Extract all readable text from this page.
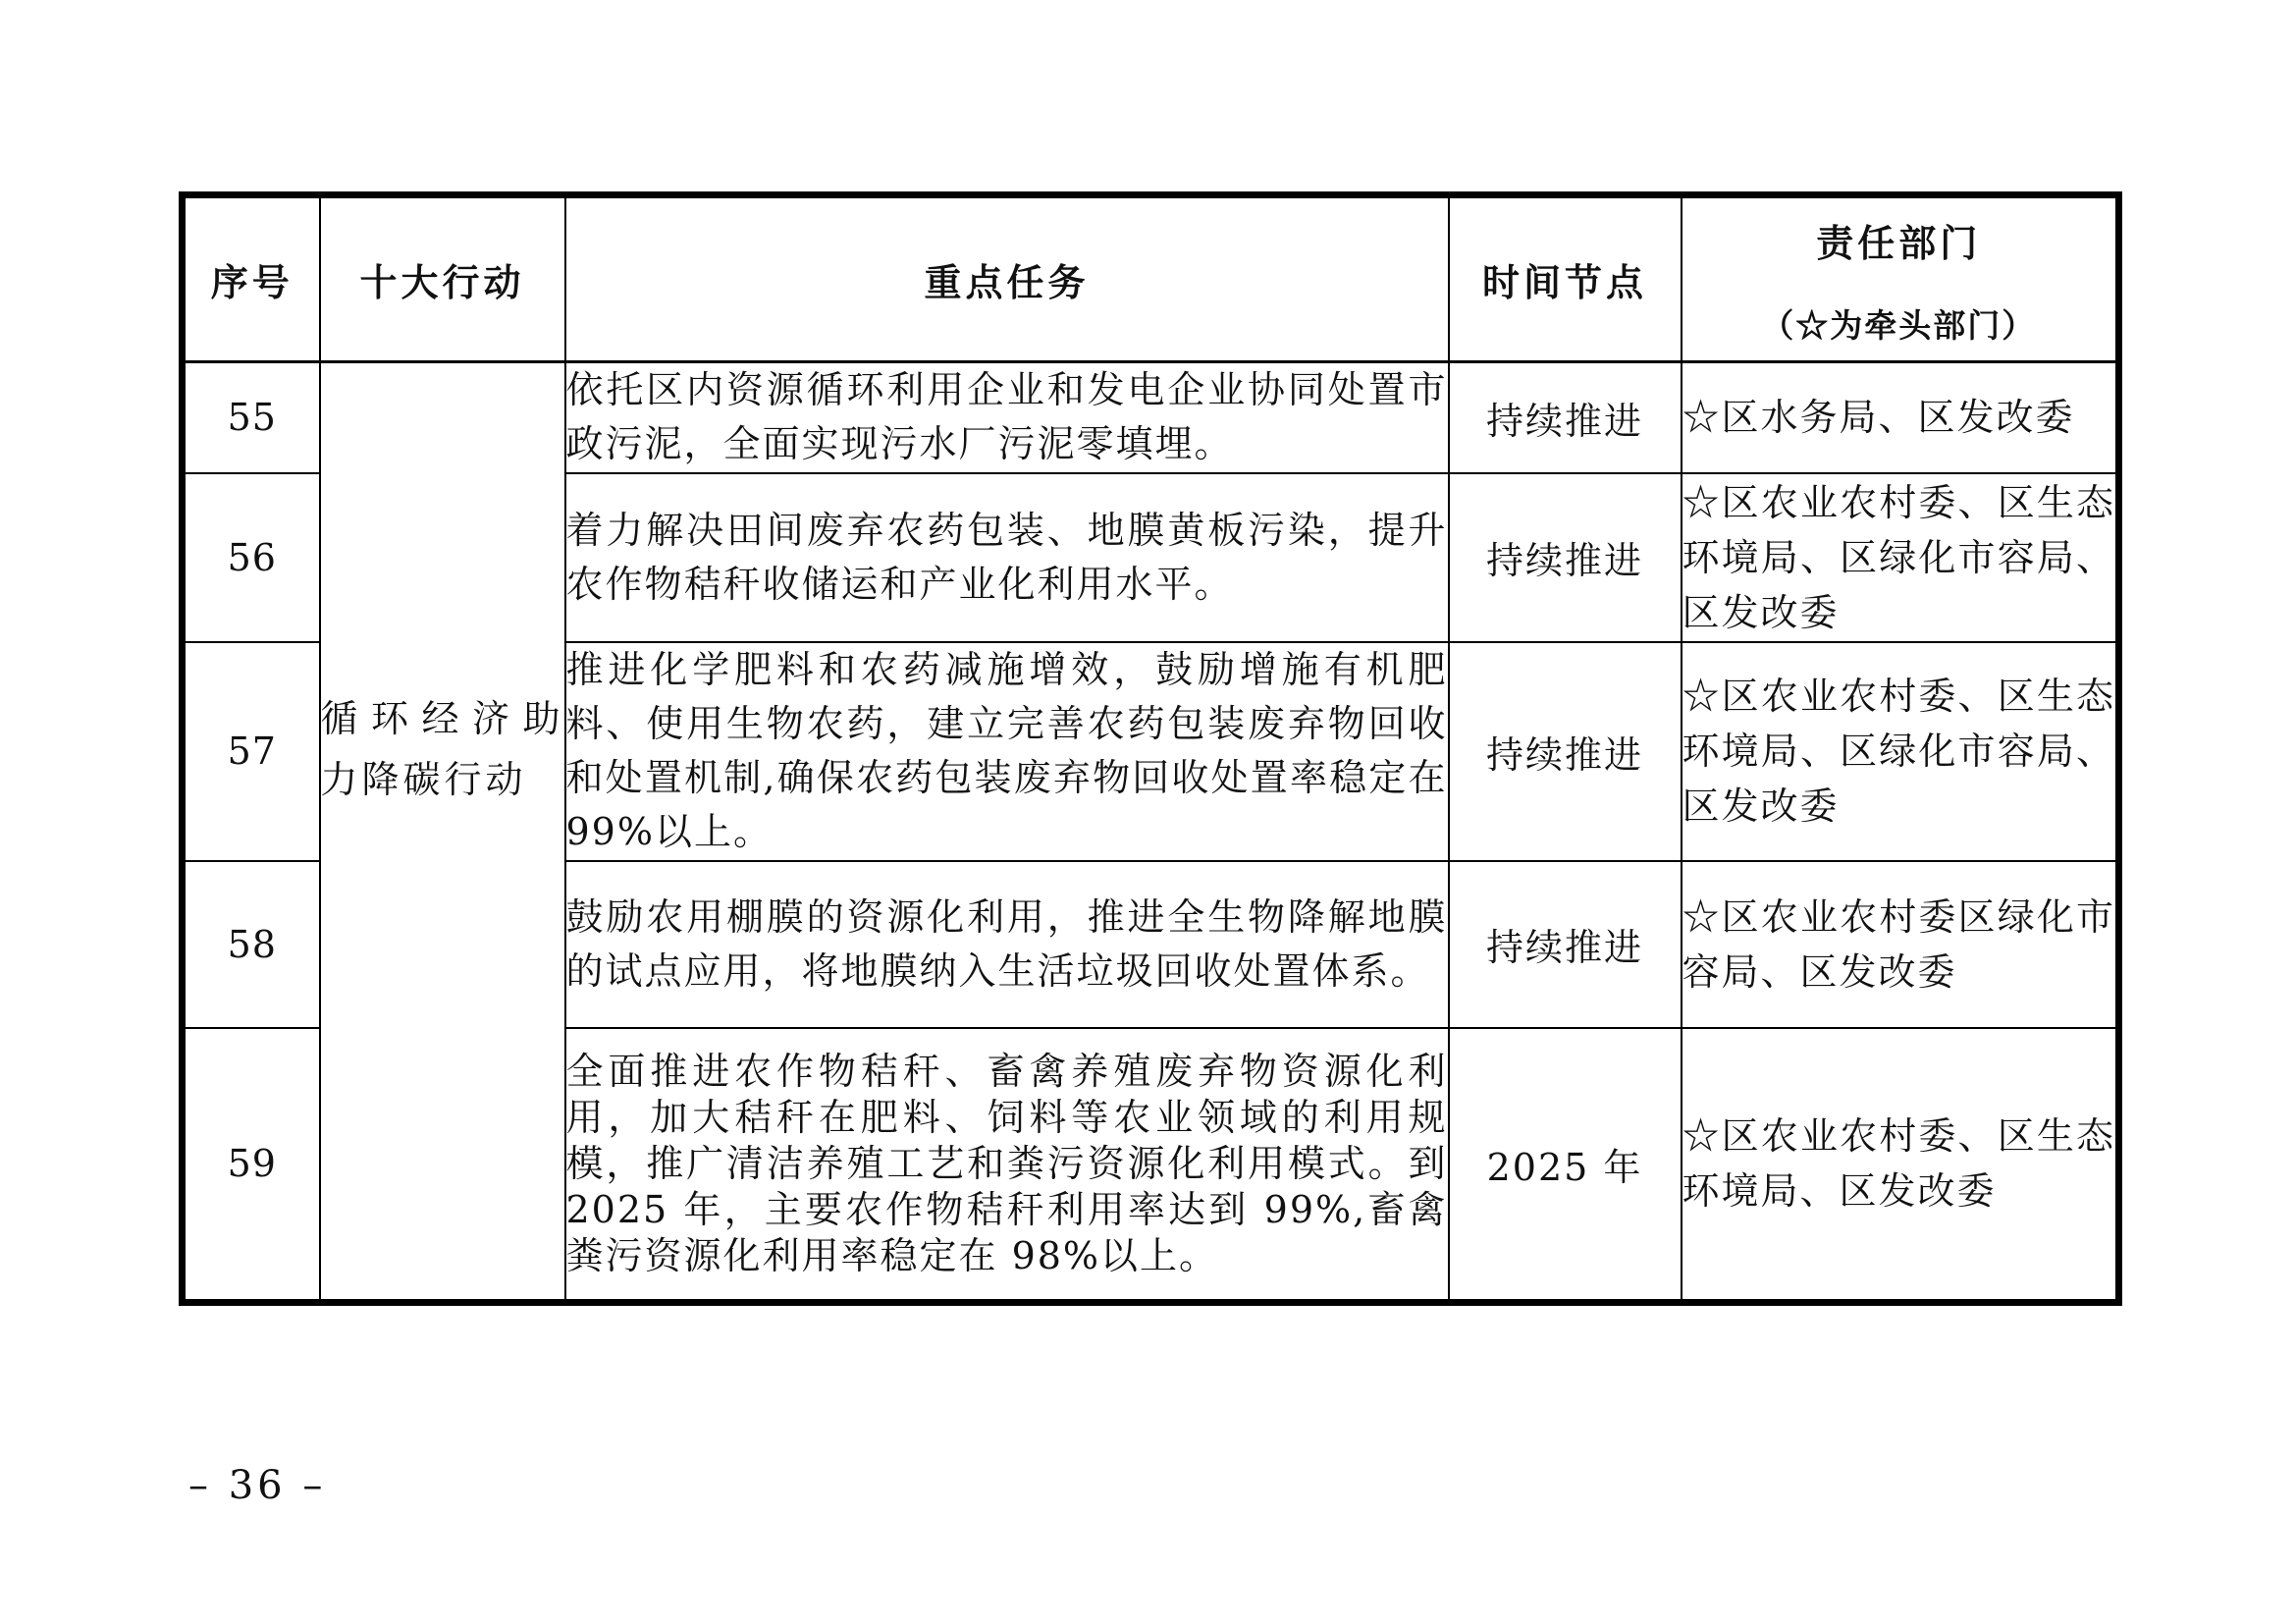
序号	十大行动	重点任务	时间节点	责任部门
（☆为牵头部门）

55	循环经济助力降碳行动	依托区内资源循环利用企业和发电企业协同处置市政污泥，全面实现污水厂污泥零填埋。	持续推进	☆区水务局、区发改委
56		着力解决田间废弃农药包装、地膜黄板污染，提升农作物秸秆收储运和产业化利用水平。	持续推进	☆区农业农村委、区生态环境局、区绿化市容局、区发改委
57		推进化学肥料和农药减施增效，鼓励增施有机肥料、使用生物农药，建立完善农药包装废弃物回收和处置机制,确保农药包装废弃物回收处置率稳定在 99%以上。	持续推进	☆区农业农村委、区生态环境局、区绿化市容局、区发改委
58		鼓励农用棚膜的资源化利用，推进全生物降解地膜的试点应用，将地膜纳入生活垃圾回收处置体系。	持续推进	☆区农业农村委区绿化市容局、区发改委
59		全面推进农作物秸秆、畜禽养殖废弃物资源化利用，加大秸秆在肥料、饲料等农业领域的利用规模，推广清洁养殖工艺和粪污资源化利用模式。到 2025 年，主要农作物秸秆利用率达到 99%,畜禽粪污资源化利用率稳定在 98%以上。	2025 年	☆区农业农村委、区生态环境局、区发改委
– 36 –
